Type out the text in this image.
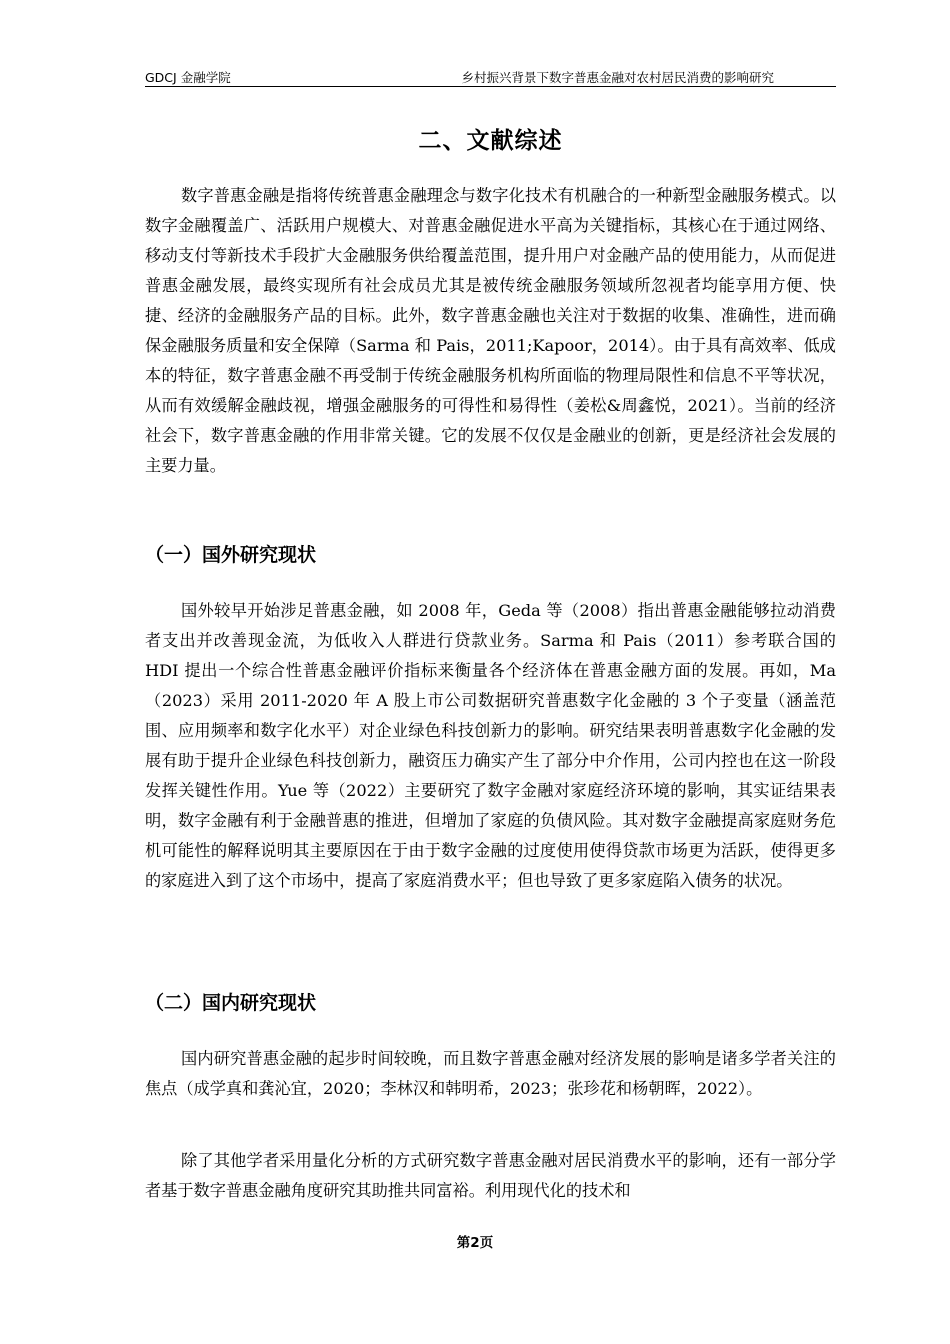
GDCJ 金融学院	乡村振兴背景下数字普惠金融对农村居民消费的影响研究
二、文献综述

数字普惠金融是指将传统普惠金融理念与数字化技术有机融合的一种新型金融服务模式。以数字金融覆盖广、活跃用户规模大、对普惠金融促进水平高为关键指标，其核心在于通过网络、移动支付等新技术手段扩大金融服务供给覆盖范围，提升用户对金融产品的使用能力，从而促进普惠金融发展，最终实现所有社会成员尤其是被传统金融服务领域所忽视者均能享用方便、快捷、经济的金融服务产品的目标。此外，数字普惠金融也关注对于数据的收集、准确性，进而确保金融服务质量和安全保障（Sarma 和 Pais，2011;Kapoor，2014）。由于具有高效率、低成本的特征，数字普惠金融不再受制于传统金融服务机构所面临的物理局限性和信息不平等状况，从而有效缓解金融歧视，增强金融服务的可得性和易得性（姜松&周鑫悦，2021）。当前的经济社会下，数字普惠金融的作用非常关键。它的发展不仅仅是金融业的创新，更是经济社会发展的主要力量。

（一）国外研究现状

国外较早开始涉足普惠金融，如 2008 年，Geda 等（2008）指出普惠金融能够拉动消费者支出并改善现金流，为低收入人群进行贷款业务。Sarma 和 Pais（2011）参考联合国的 HDI 提出一个综合性普惠金融评价指标来衡量各个经济体在普惠金融方面的发展。再如，Ma（2023）采用 2011-2020 年 A 股上市公司数据研究普惠数字化金融的 3 个子变量（涵盖范围、应用频率和数字化水平）对企业绿色科技创新力的影响。研究结果表明普惠数字化金融的发展有助于提升企业绿色科技创新力，融资压力确实产生了部分中介作用，公司内控也在这一阶段发挥关键性作用。Yue 等（2022）主要研究了数字金融对家庭经济环境的影响，其实证结果表明，数字金融有利于金融普惠的推进，但增加了家庭的负债风险。其对数字金融提高家庭财务危机可能性的解释说明其主要原因在于由于数字金融的过度使用使得贷款市场更为活跃，使得更多的家庭进入到了这个市场中，提高了家庭消费水平；但也导致了更多家庭陷入债务的状况。

（二）国内研究现状

国内研究普惠金融的起步时间较晚，而且数字普惠金融对经济发展的影响是诸多学者关注的焦点（成学真和龚沁宜，2020；李林汉和韩明希，2023；张珍花和杨朝晖，2022）。

除了其他学者采用量化分析的方式研究数字普惠金融对居民消费水平的影响，还有一部分学者基于数字普惠金融角度研究其助推共同富裕。利用现代化的技术和

第2页
